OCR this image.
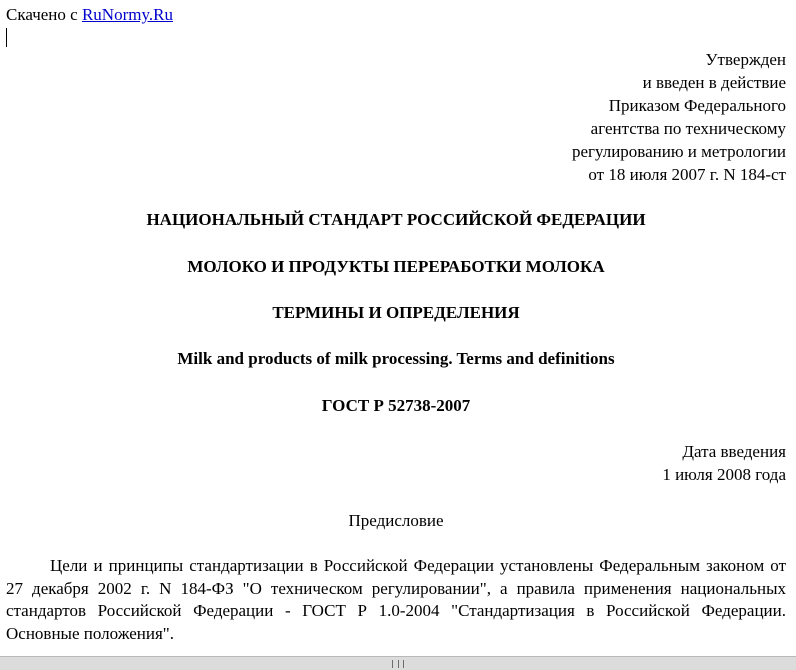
Скачено с RuNormy.Ru
Утвержден
и введен в действие
Приказом Федерального
агентства по техническому
регулированию и метрологии
от 18 июля 2007 г. N 184-ст
НАЦИОНАЛЬНЫЙ СТАНДАРТ РОССИЙСКОЙ ФЕДЕРАЦИИ
МОЛОКО И ПРОДУКТЫ ПЕРЕРАБОТКИ МОЛОКА
ТЕРМИНЫ И ОПРЕДЕЛЕНИЯ
Milk and products of milk processing. Terms and definitions
ГОСТ Р 52738-2007
Дата введения
1 июля 2008 года
Предисловие

Цели и принципы стандартизации в Российской Федерации установлены Федеральным законом от 27 декабря 2002 г. N 184-ФЗ "О техническом регулировании", а правила применения национальных стандартов Российской Федерации - ГОСТ Р 1.0-2004 "Стандартизация в Российской Федерации. Основные положения".
